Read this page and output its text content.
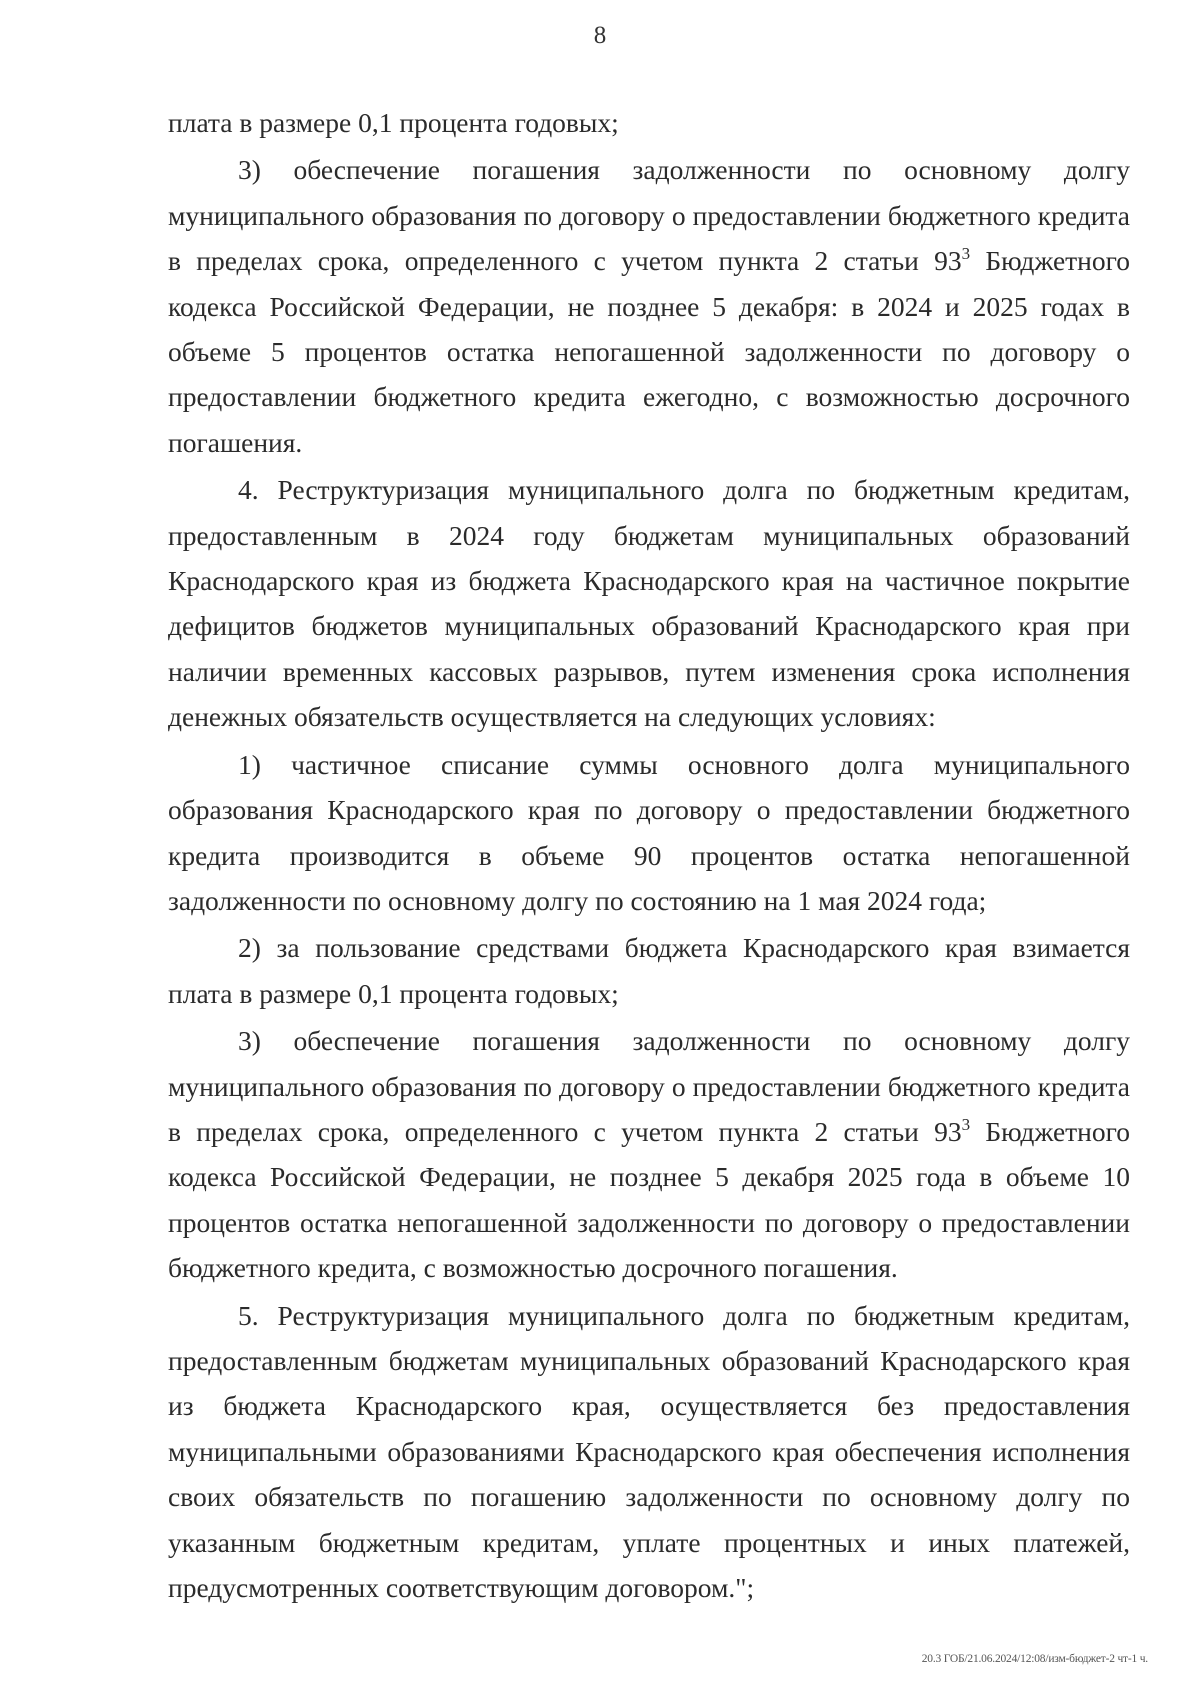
8

плата в размере 0,1 процента годовых;

3) обеспечение погашения задолженности по основному долгу муниципального образования по договору о предоставлении бюджетного кредита в пределах срока, определенного с учетом пункта 2 статьи $93^3$ Бюджетного кодекса Российской Федерации, не позднее 5 декабря: в 2024 и 2025 годах в объеме 5 процентов остатка непогашенной задолженности по договору о предоставлении бюджетного кредита ежегодно, с возможностью досрочного погашения.

4. Реструктуризация муниципального долга по бюджетным кредитам, предоставленным в 2024 году бюджетам муниципальных образований Краснодарского края из бюджета Краснодарского края на частичное покрытие дефицитов бюджетов муниципальных образований Краснодарского края при наличии временных кассовых разрывов, путем изменения срока исполнения денежных обязательств осуществляется на следующих условиях:

1) частичное списание суммы основного долга муниципального образования Краснодарского края по договору о предоставлении бюджетного кредита производится в объеме 90 процентов остатка непогашенной задолженности по основному долгу по состоянию на 1 мая 2024 года;

2) за пользование средствами бюджета Краснодарского края взимается плата в размере 0,1 процента годовых;

3) обеспечение погашения задолженности по основному долгу муниципального образования по договору о предоставлении бюджетного кредита в пределах срока, определенного с учетом пункта 2 статьи $93^3$ Бюджетного кодекса Российской Федерации, не позднее 5 декабря 2025 года в объеме 10 процентов остатка непогашенной задолженности по договору о предоставлении бюджетного кредита, с возможностью досрочного погашения.

5. Реструктуризация муниципального долга по бюджетным кредитам, предоставленным бюджетам муниципальных образований Краснодарского края из бюджета Краснодарского края, осуществляется без предоставления муниципальными образованиями Краснодарского края обеспечения исполнения своих обязательств по погашению задолженности по основному долгу по указанным бюджетным кредитам, уплате процентных и иных платежей, предусмотренных соответствующим договором.";

20.3 ГОБ/21.06.2024/12:08/изм-бюджет-2 чт-1 ч.
